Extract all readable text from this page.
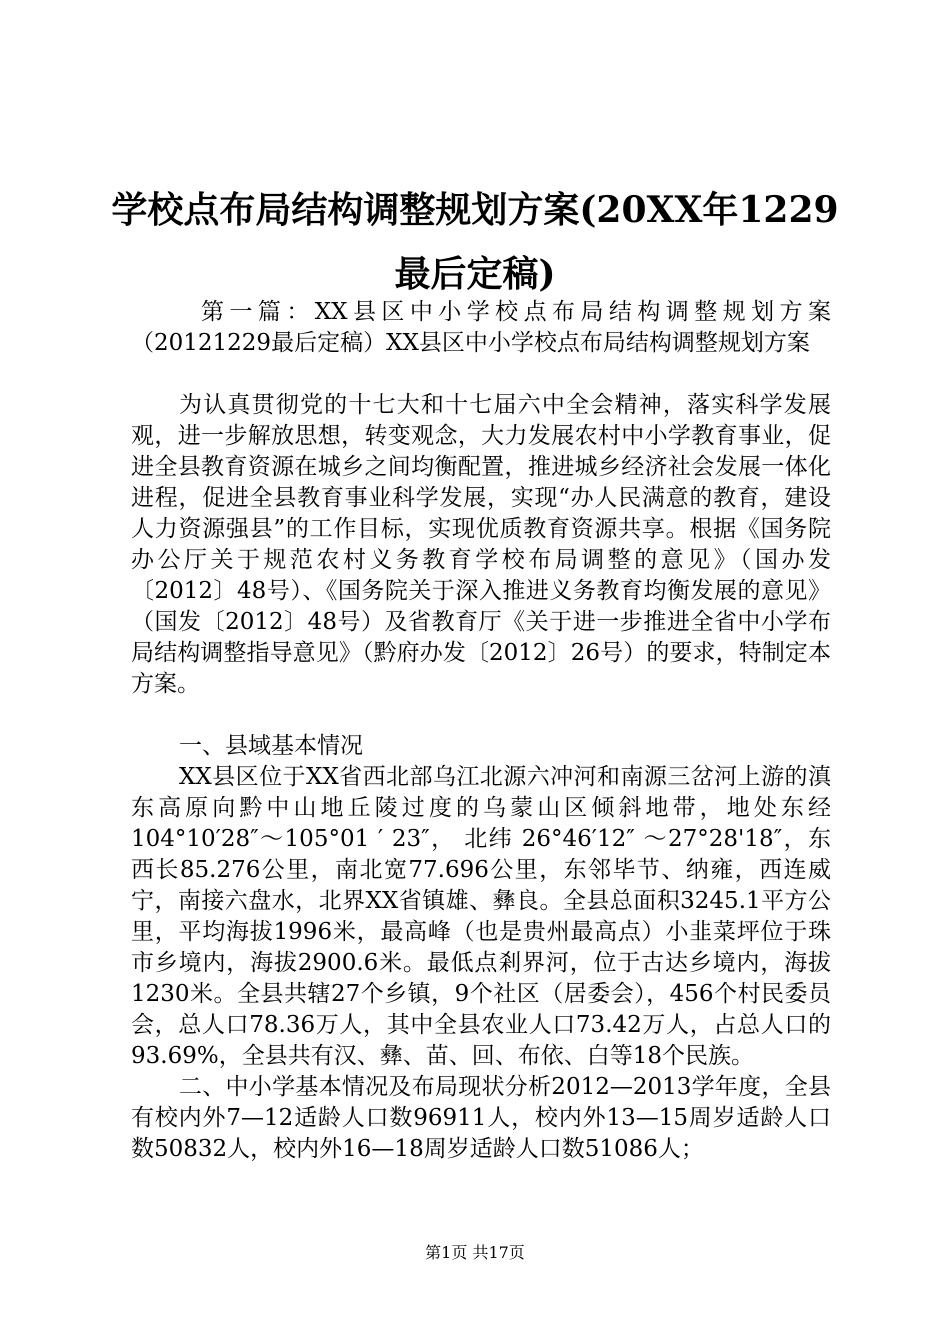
学校点布局结构调整规划方案(20XX年1229最后定稿)

第一篇：XX县区中小学校点布局结构调整规划方案（20121229最后定稿）XX县区中小学校点布局结构调整规划方案

为认真贯彻党的十七大和十七届六中全会精神，落实科学发展观，进一步解放思想，转变观念，大力发展农村中小学教育事业，促进全县教育资源在城乡之间均衡配置，推进城乡经济社会发展一体化进程，促进全县教育事业科学发展，实现“办人民满意的教育，建设人力资源强县”的工作目标，实现优质教育资源共享。根据《国务院办公厅关于规范农村义务教育学校布局调整的意见》（国办发〔2012〕48号）、《国务院关于深入推进义务教育均衡发展的意见》（国发〔2012〕48号）及省教育厅《关于进一步推进全省中小学布局结构调整指导意见》（黔府办发〔2012〕26号）的要求，特制定本方案。

一、县域基本情况

XX县区位于XX省西北部乌江北源六冲河和南源三岔河上游的滇东高原向黔中山地丘陵过度的乌蒙山区倾斜地带，地处东经 104°10′28″～105°01 ′ 23″， 北纬 26°46′12″ ～27°28'18″，东西长85.276公里，南北宽77.696公里，东邻毕节、纳雍，西连威宁，南接六盘水，北界XX省镇雄、彝良。全县总面积3245.1平方公里，平均海拔1996米，最高峰（也是贵州最高点）小韭菜坪位于珠市乡境内，海拔2900.6米。最低点剎界河，位于古达乡境内，海拔1230米。全县共辖27个乡镇，9个社区（居委会），456个村民委员会，总人口78.36万人，其中全县农业人口73.42万人，占总人口的93.69%，全县共有汉、彝、苗、回、布依、白等18个民族。

二、中小学基本情况及布局现状分析2012—2013学年度，全县有校内外7—12适龄人口数96911人，校内外13—15周岁适龄人口数50832人，校内外16—18周岁适龄人口数51086人；

第1页 共17页
